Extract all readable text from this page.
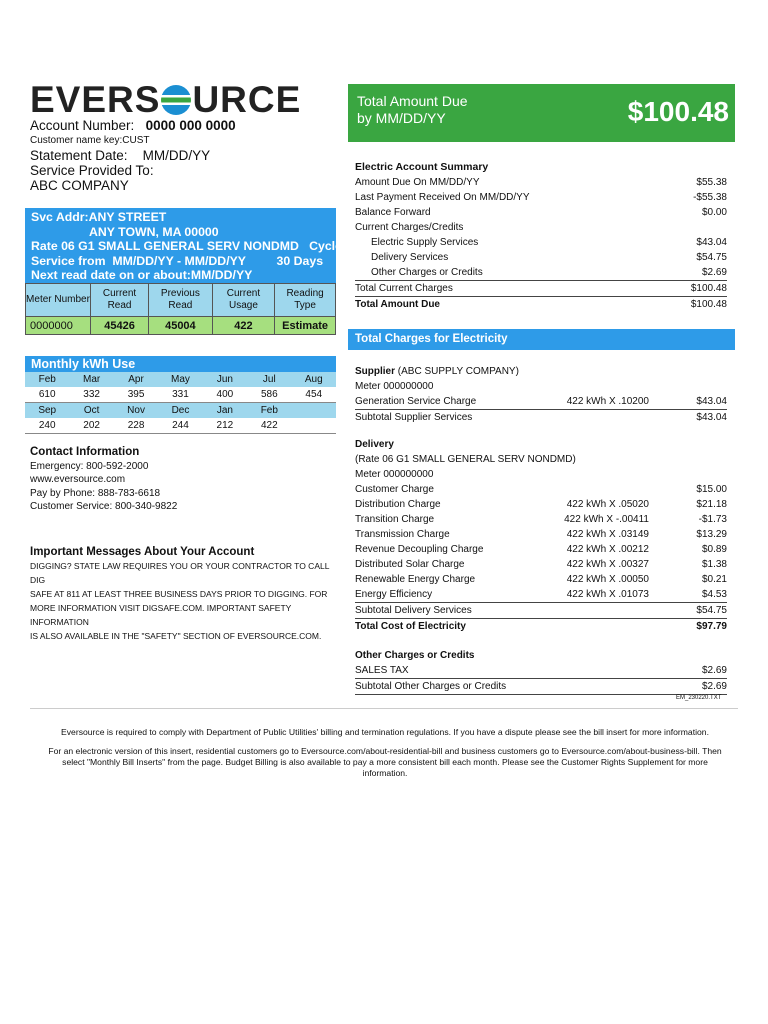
EVERS URCE
Account Number: 0000 000 0000
Customer name key:CUST
Statement Date: MM/DD/YY
Service Provided To:
ABC COMPANY
Svc Addr:ANY STREET
ANY TOWN, MA 00000
Rate 06 G1 SMALL GENERAL SERV NONDMD   Cycle 17
Service from  MM/DD/YY - MM/DD/YY         30 Days
Next read date on or about:MM/DD/YY
Meter Number	Current Read	Previous Read	Current Usage	Reading Type
0000000	45426	45004	422	Estimate
Monthly kWh Use
Feb	Mar	Apr	May	Jun	Jul	Aug
610	332	395	331	400	586	454
Sep	Oct	Nov	Dec	Jan	Feb	
240	202	228	244	212	422	
Contact Information
Emergency: 800-592-2000
www.eversource.com
Pay by Phone: 888-783-6618
Customer Service: 800-340-9822
Important Messages About Your Account
DIGGING? STATE LAW REQUIRES YOU OR YOUR CONTRACTOR TO CALL DIG
SAFE AT 811 AT LEAST THREE BUSINESS DAYS PRIOR TO DIGGING. FOR
MORE INFORMATION VISIT DIGSAFE.COM. IMPORTANT SAFETY INFORMATION
IS ALSO AVAILABLE IN THE "SAFETY" SECTION OF EVERSOURCE.COM.
Total Amount Due
by MM/DD/YY	$100.48
Electric Account Summary
Amount Due On MM/DD/YY	$55.38
Last Payment Received On MM/DD/YY	-$55.38
Balance Forward	$0.00
Current Charges/Credits
Electric Supply Services	$43.04
Delivery Services	$54.75
Other Charges or Credits	$2.69
Total Current Charges	$100.48
Total Amount Due	$100.48
Total Charges for Electricity
Supplier (ABC SUPPLY COMPANY)
Meter 000000000
Generation Service Charge	422 kWh X .10200	$43.04
Subtotal Supplier Services	$43.04
Delivery
(Rate 06 G1 SMALL GENERAL SERV NONDMD)
Meter 000000000
Customer Charge	$15.00
Distribution Charge	422 kWh X .05020	$21.18
Transition Charge	422 kWh X -.00411	-$1.73
Transmission Charge	422 kWh X .03149	$13.29
Revenue Decoupling Charge	422 kWh X .00212	$0.89
Distributed Solar Charge	422 kWh X .00327	$1.38
Renewable Energy Charge	422 kWh X .00050	$0.21
Energy Efficiency	422 kWh X .01073	$4.53
Subtotal Delivery Services	$54.75
Total Cost of Electricity	$97.79
Other Charges or Credits
SALES TAX	$2.69
Subtotal Other Charges or Credits	$2.69
EM_230220.TXT

Eversource is required to comply with Department of Public Utilities' billing and termination regulations. If you have a dispute please see the bill insert for more information.

For an electronic version of this insert, residential customers go to Eversource.com/about-residential-bill and business customers go to Eversource.com/about-business-bill. Then select "Monthly Bill Inserts" from the page. Budget Billing is also available to pay a more consistent bill each month. Please see the Customer Rights Supplement for more information.
